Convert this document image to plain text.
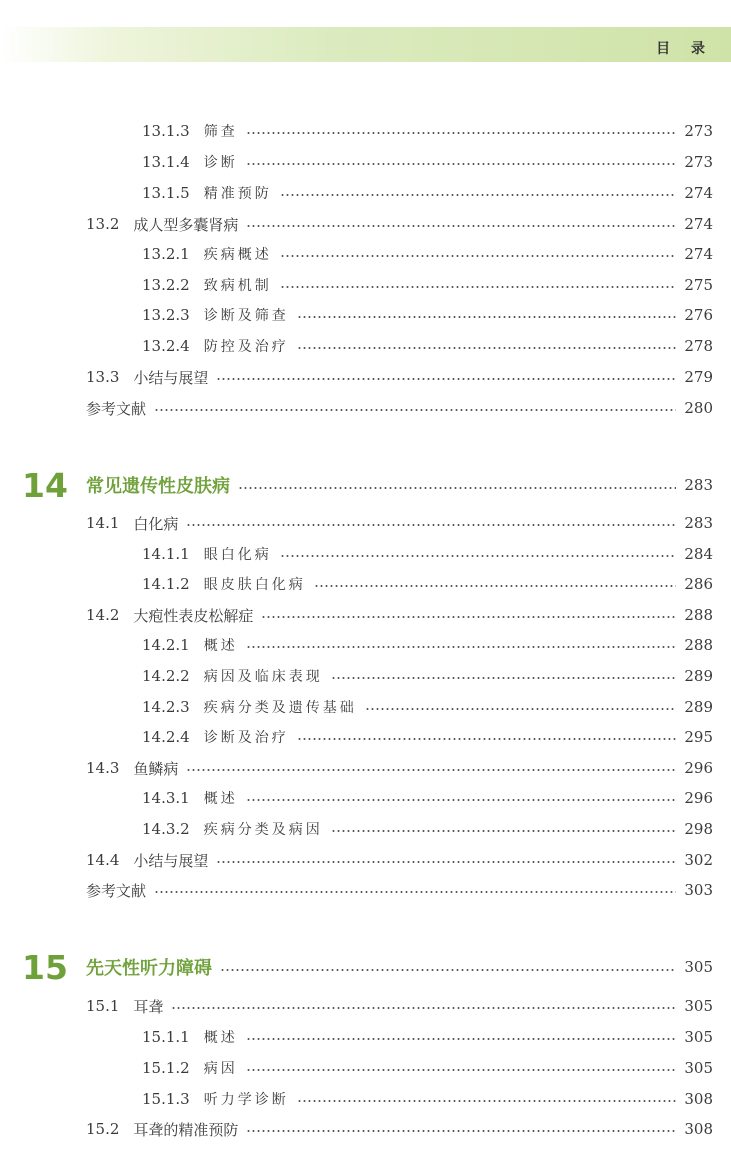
目 录
13.1.3 筛查	273
13.1.4 诊断	273
13.1.5 精准预防	274
13.2 成人型多囊肾病	274
13.2.1 疾病概述	274
13.2.2 致病机制	275
13.2.3 诊断及筛查	276
13.2.4 防控及治疗	278
13.3 小结与展望	279
参考文献	280
14	常见遗传性皮肤病	283
14.1 白化病	283
14.1.1 眼白化病	284
14.1.2 眼皮肤白化病	286
14.2 大疱性表皮松解症	288
14.2.1 概述	288
14.2.2 病因及临床表现	289
14.2.3 疾病分类及遗传基础	289
14.2.4 诊断及治疗	295
14.3 鱼鳞病	296
14.3.1 概述	296
14.3.2 疾病分类及病因	298
14.4 小结与展望	302
参考文献	303
15	先天性听力障碍	305
15.1 耳聋	305
15.1.1 概述	305
15.1.2 病因	305
15.1.3 听力学诊断	308
15.2 耳聋的精准预防	308
